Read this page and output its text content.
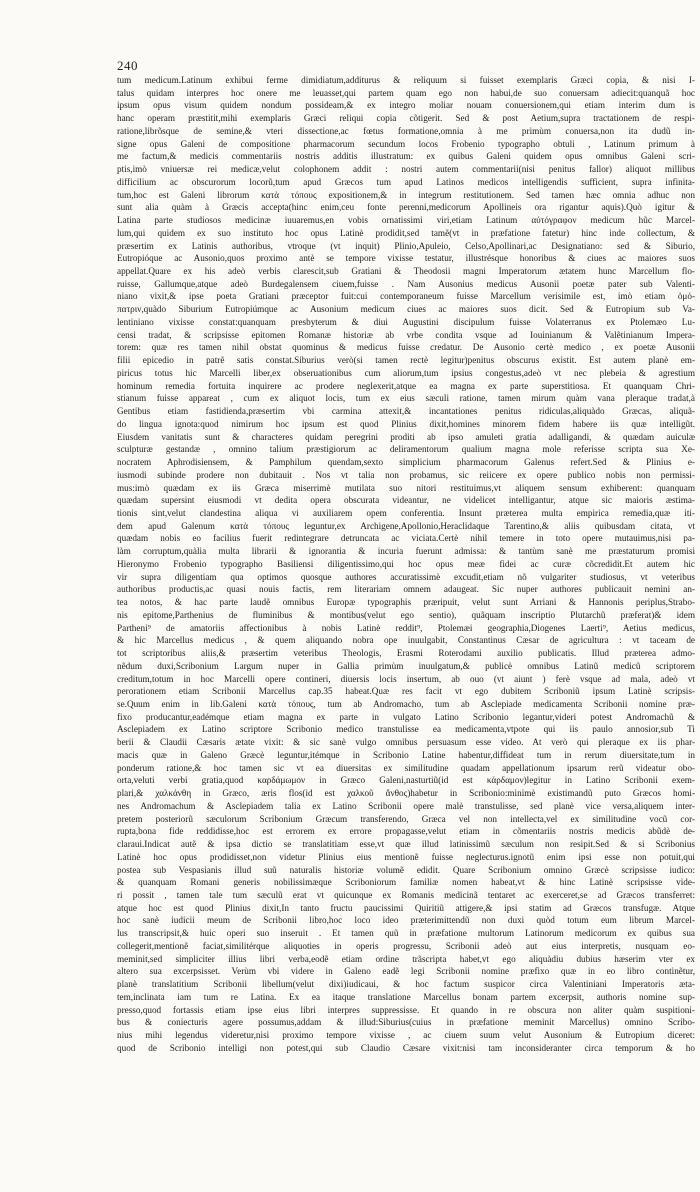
240
tum medicum.Latinum exhibui ferme dimidiatum,additurus & reliquum si fuisset exemplaris Græci copia, & nisi I-
talus quidam interpres hoc onere me leuasset,qui partem quam ego non habui,de suo conuersam adiecit:quanquã hoc
ipsum opus visum quidem nondum possideam,& ex integro moliar nouam conuersionem,qui etiam interim dum is
hanc operam præstitit,mihi exemplaris Græci reliqui copia cõtigerit. Sed & post Aetium,supra tractationem de respi-
ratione,librõsque de semine,& vteri dissectione,ac fœtus formatione,omnia à me primùm conuersa,non ita dudũ in-
signe opus Galeni de compositione pharmacorum secundum locos Frobenio typographo obtuli , Latinum primum à
me factum,& medicis commentariis nostris additis illustratum: ex quibus Galeni quidem opus omnibus Galeni scri-
ptis,imò vniuersæ rei medicæ,velut colophonem addit : nostri autem commentarii(nisi penitus fallor) aliquot millibus
difficilium ac obscurorum locorũ,tum apud Græcos tum apud Latinos medicos intelligendis sufficient, supra infinita-
tum,hoc est Galeni librorum κατὰ τόπους expositionem,& in integrum restitutionem. Sed tamen hæc omnia adhuc non
sunt alia quàm à Græcis accepta(hinc enim,ceu fonte perenni,medicorum Apollineis ora rigantur aquis).Quò igitur &
Latina parte studiosos medicinæ iuuaremus,en vobis ornatissimi viri,etiam Latinum αὐτόγραφον medicum hũc Marcel-
lum,qui quidem ex suo instituto hoc opus Latinè prodidit,sed tamẽ(vt in præfatione fatetur) hinc inde collectum, &
præsertim ex Latinis authoribus, vtroque (vt inquit) Plinio,Apuleio, Celso,Apollinari,ac Designatiano: sed & Siburio,
Eutropióque ac Ausonio,quos proximo antè se tempore vixisse testatur, illustrésque honoribus & ciues ac maiores suos
appellat.Quare ex his adeò verbis clarescit,sub Gratiani & Theodosii magni Imperatorum ætatem hunc Marcellum flo-
ruisse, Gallumque,atque adeò Burdegalensem ciuem,fuisse . Nam Ausonius medicus Ausonii poetæ pater sub Valenti-
niano vixit,& ipse poeta Gratiani præceptor fuit:cui contemporaneum fuisse Marcellum verisimile est, imò etiam ὁμό-
πατριν,quàdo Siburium Eutropiúmque ac Ausonium medicum ciues ac maiores suos dicit. Sed & Eutropium sub Va-
lentiniano vixisse constat:quanquam presbyterum & diui Augustini discipulum fuisse Volaterranus ex Ptolemæo Lu-
censi tradat, & scripsisse epitomen Romanæ historiæ ab vrbe condita vsque ad Iouinianum & Valẽtinianum Impera-
torem: quæ res tamen nihil obstat quominus & medicus fuisse credatur. De Ausonio certè medico , ex poetæ Ausonii
filii epicedio in patrẽ satis constat.Siburius verò(si tamen rectè legitur)penitus obscurus existit. Est autem planè em-
piricus totus hic Marcelli liber,ex obseruationibus cum aliorum,tum ipsius congestus,adeò vt nec plebeia & agrestium
hominum remedia fortuita inquirere ac prodere neglexerit,atque ea magna ex parte superstitiosa. Et quanquam Chri-
stianum fuisse appareat , cum ex aliquot locis, tum ex eius sæculi ratione, tamen mirum quàm vana pleraque tradat,à
Gentibus etiam fastidienda,præsertim vbi carmina attexit,& incantationes penitus ridiculas,aliquàdo Græcas, aliquã-
do lingua ignota:quod nimirum hoc ipsum est quod Plinius dixit,homines minorem fidem habere iis quæ intelligũt.
Eiusdem vanitatis sunt & characteres quidam peregrini proditi ab ipso amuleti gratia adalligandi, & quædam auiculæ
sculpturæ gestandæ , omnino talium præstigiorum ac deliramentorum qualium magna mole referisse scripta sua Xe-
nocratem Aphrodisiensem, & Pamphilum quendam,sexto simplicium pharmacorum Galenus refert.Sed & Plinius e-
iusmodi subinde prodere non dubitauit . Nos vt talia non probamus, sic reiicere ex opere publico nobis non permissi-
mus:imò quædam ex iis Græca miserrimè mutilata suo nitori restituimus,vt aliquem sensum exhiberent: quanquam
quædam supersint eiusmodi vt dedita opera obscurata videantur, ne videlicet intelligantur, atque sic maioris æstima-
tionis sint,velut clandestina aliqua vi auxiliarem opem conferentia. Insunt præterea multa empirica remedia,quæ iti-
dem apud Galenum κατὰ τόπους leguntur,ex Archigene,Apollonio,Heraclidaque Tarentino,& aliis quibusdam citata, vt
quædam nobis eo facilius fuerit redintegrare detruncata ac viciata.Certè nihil temere in toto opere mutauimus,nisi pa-
làm corruptum,quàlia multa librarii & ignorantia & incuria fuerunt admissa: & tantùm sanè me præstaturum promisi
Hieronymo Frobenio typographo Basiliensi diligentissimo,qui hoc opus meæ fidei ac curæ cõcredidit.Et autem hic
vir supra diligentiam qua optimos quosque authores accuratissimè excudit,etiam nõ vulgariter studiosus, vt veteribus
authoribus productis,ac quasi nouis factis, rem literariam omnem adaugeat. Sic nuper authores publicauit nemini an-
tea notos, & hac parte laudẽ omnibus Europæ typographis præripuit, velut sunt Arriani & Hannonis periplus,Strabo-
nis epitome,Parthenius de fluminibus & montibus(velut ego sentio), quãquam inscriptio Plutarchũ præferat)& idem
Partheni⁹ de amatoriis affectionibus à nobis Latinè reddit⁹, Ptolemæi geographia,Diogenes Laerti⁹, Aetius medicus,
& hic Marcellus medicus , & quem aliquando nobra ope inuulgabit, Constantinus Cæsar de agricultura : vt taceam de
tot scriptoribus aliis,& præsertim veteribus Theologis, Erasmi Roterodami auxilio publicatis. Illud præterea admo-
nẽdum duxi,Scribonium Largum nuper in Gallia primùm inuulgatum,& publicè omnibus Latinũ medicũ scriptorem
creditum,totum in hoc Marcelli opere contineri, diuersis locis insertum, ab ouo (vt aiunt ) ferè vsque ad mala, adeò vt
perorationem etiam Scribonii Marcellus cap.35 habeat.Quæ res facit vt ego dubitem Scriboniũ ipsum Latinè scripsis-
se.Quum enim in lib.Galeni κατὰ τόπους, tum ab Andromacho, tum ab Asclepiade medicamenta Scribonii nomine præ-
fixo producantur,eadémque etiam magna ex parte in vulgato Latino Scribonio legantur,videri potest Andromachũ &
Asclepiadem ex Latino scriptore Scribonio medico transtulisse ea medicamenta,vtpote qui iis paulo annosior,sub Ti
berii & Claudii Cæsaris ætate vixit: & sic sanè vulgo omnibus persuasum esse video. At verò qui pleraque ex iis phar-
macis quæ in Galeno Græcè leguntur,itémque in Scribonio Latine habentur,diffideat tum in rerum diuersitate,tum in
ponderum ratione,& hoc tamen sic vt ea diuersitas ex similitudine quadam appellationum ipsarum rerũ videatur obo-
orta,veluti verbi gratia,quod καρδάμωμον in Græco Galeni,nasturtiũ(id est κάρδαμον)legitur in Latino Scribonii exem-
plari,& χαλκάνθη in Græco, æris flos(id est χαλκοῦ ἄνθος)habetur in Scribonio:minimè existimandũ puto Græcos homi-
nes Andromachum & Asclepiadem talia ex Latino Scribonii opere malè transtulisse, sed planè vice versa,aliquem inter-
pretem posteriorũ sæculorum Scribonium Græcum transferendo, Græca vel non intellecta,vel ex similitudine vocũ cor-
rupta,bona fide reddidisse,hoc est errorem ex errore propagasse,velut etiam in cõmentariis nostris medicis abũdè de-
claraui.Indicat autẽ & ipsa dictio se translatitiam esse,vt quæ illud latinissimũ sæculum non resipit.Sed & si Scribonius
Latinè hoc opus prodidisset,non videtur Plinius eius mentionẽ fuisse neglecturus.ignotũ enim ipsi esse non potuit,qui
postea sub Vespasianis illud suũ naturalis historiæ volumẽ edidit. Quare Scribonium omnino Græcè scripsisse iudico:
& quanquam Romani generis nobilissimæque Scriboniorum familiæ nomen habeat,vt & hinc Latinè scripsisse vide-
ri possit , tamen tale tum sæculũ erat vt quicunque ex Romanis medicinã tentaret ac exerceret,se ad Græcos transferret:
atque hoc est quod Plinius dixit,In tanto fructu paucissimi Quiritiũ attigere,& ipsi statim ad Græcos transfugæ. Atque
hoc sanè iudicii meum de Scribonii libro,hoc loco ideo præterimittendũ non duxi quòd totum eum librum Marcel-
lus transcripsit,& huic operi suo inseruit . Et tamen quũ in præfatione multorum Latinorum medicorum ex quibus sua
collegerit,mentionẽ faciat,similitérque aliquoties in operis progressu, Scribonii adeò aut eius interpretis, nusquam eo-
meminit,sed simpliciter illius libri verba,eodẽ etiam ordine trãscripta habet,vt ego aliquàdiu dubius hæserim vter ex
altero sua excerpsisset. Verùm vbi videre in Galeno eadẽ legi Scribonii nomine præfixo quæ in eo libro continẽtur,
planè translatitium Scribonii libellum(velut dixi)iudicaui, & hoc factum suspicor circa Valentiniani Imperatoris æta-
tem,inclinata iam tum re Latina. Ex ea itaque translatione Marcellus bonam partem excerpsit, authoris nomine sup-
presso,quod fortassis etiam ipse eius libri interpres suppressisse. Et quando in re obscura non aliter quàm suspitioni-
bus & coniecturis agere possumus,addam & illud:Siburius(cuius in præfatione meminit Marcellus) omnino Scribo-
nius mihi legendus videretur,nisi proximo tempore vixisse , ac ciuem suum velut Ausonium & Eutropium diceret:
quod de Scribonio intelligi non potest,qui sub Claudio Cæsare vixit:nisi tam inconsideranter circa temporum & ho
